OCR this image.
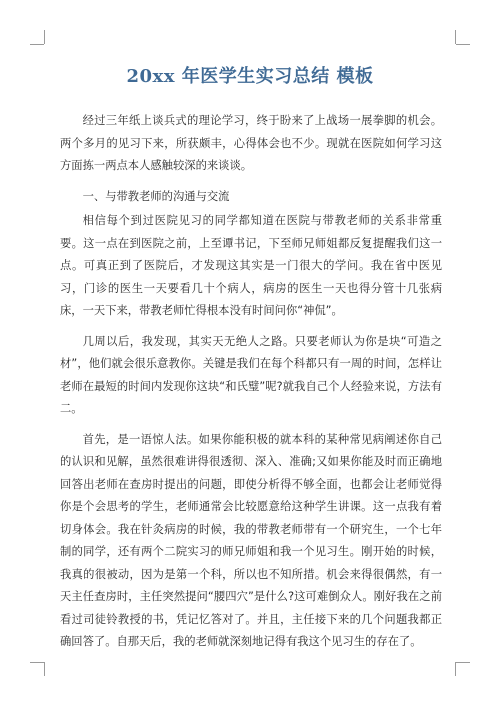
20xx 年医学生实习总结 模板

经过三年纸上谈兵式的理论学习，终于盼来了上战场一展拳脚的机会。两个多月的见习下来，所获颇丰，心得体会也不少。现就在医院如何学习这方面拣一两点本人感触较深的来谈谈。

一、与带教老师的沟通与交流

相信每个到过医院见习的同学都知道在医院与带教老师的关系非常重要。这一点在到医院之前，上至谭书记，下至师兄师姐都反复提醒我们这一点。可真正到了医院后，才发现这其实是一门很大的学问。我在省中医见习，门诊的医生一天要看几十个病人，病房的医生一天也得分管十几张病床，一天下来，带教老师忙得根本没有时间问你“神侃”。

几周以后，我发现，其实天无绝人之路。只要老师认为你是块“可造之材”，他们就会很乐意教你。关键是我们在每个科都只有一周的时间，怎样让老师在最短的时间内发现你这块“和氏璧”呢?就我自己个人经验来说，方法有二。

首先，是一语惊人法。如果你能积极的就本科的某种常见病阐述你自己的认识和见解，虽然很难讲得很透彻、深入、准确;又如果你能及时而正确地回答出老师在查房时提出的问题，即使分析得不够全面，也都会让老师觉得你是个会思考的学生，老师通常会比较愿意给这种学生讲课。这一点我有着切身体会。我在针灸病房的时候，我的带教老师带有一个研究生，一个七年制的同学，还有两个二院实习的师兄师姐和我一个见习生。刚开始的时候，我真的很被动，因为是第一个科，所以也不知所措。机会来得很偶然，有一天主任查房时，主任突然提问“腰四穴”是什么?这可难倒众人。刚好我在之前看过司徒铃教授的书，凭记忆答对了。并且，主任接下来的几个问题我都正确回答了。自那天后，我的老师就深刻地记得有我这个见习生的存在了。
